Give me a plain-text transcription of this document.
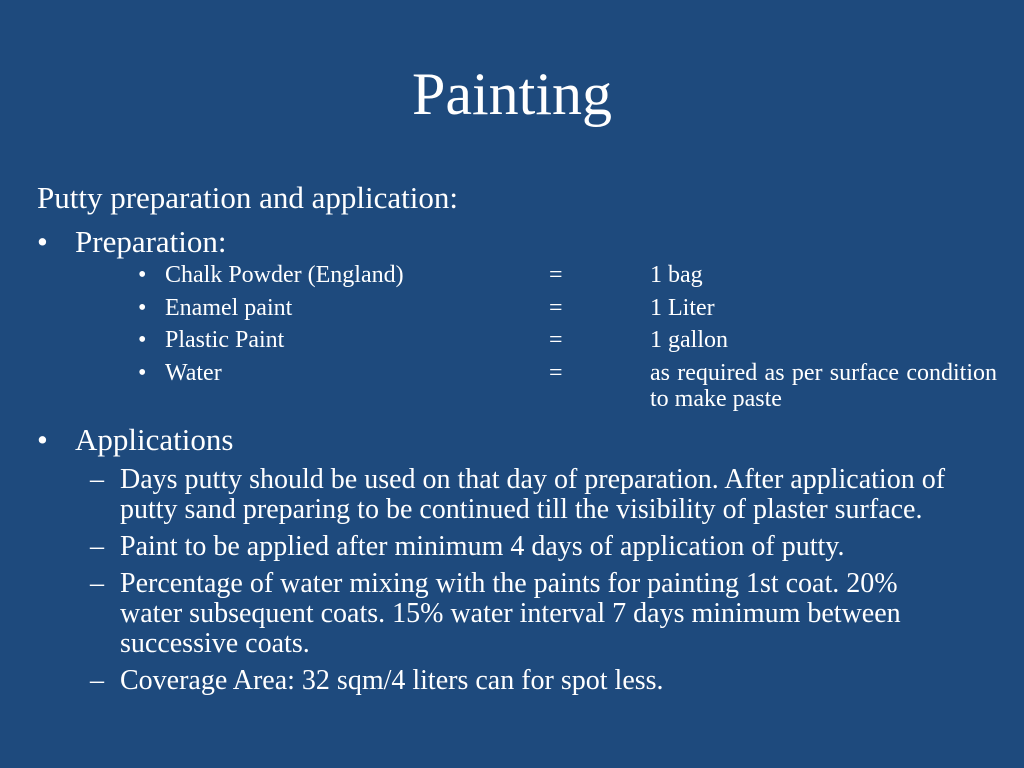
Painting
Putty preparation and application:
• Preparation:
• Chalk Powder (England)	=	1 bag
• Enamel paint	=	1 Liter
• Plastic Paint	=	1 gallon
• Water	=	as required as per surface condition to make paste
• Applications
– Days putty should be used on that day of preparation. After application of putty sand preparing to be continued till the visibility of plaster surface.
– Paint to be applied after minimum 4 days of application of putty.
– Percentage of water mixing with the paints for painting 1st coat. 20% water subsequent coats. 15% water interval 7 days minimum between successive coats.
– Coverage Area: 32 sqm/4 liters can for spot less.
